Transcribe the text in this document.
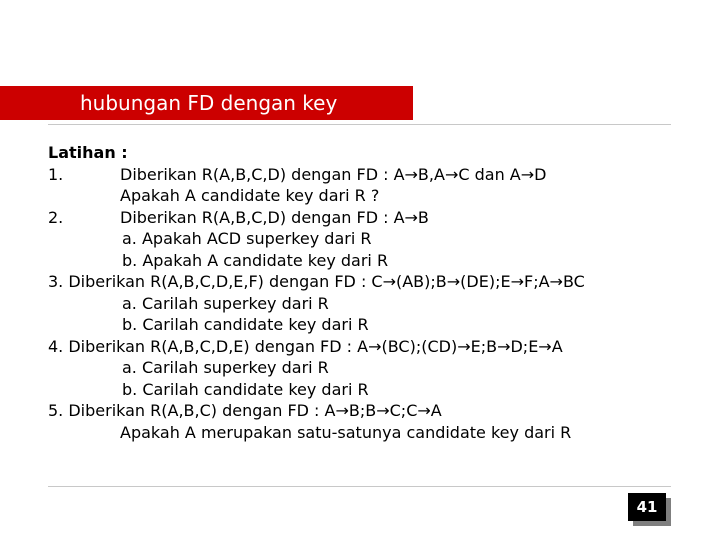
hubungan FD dengan key
Latihan :
1.	Diberikan R(A,B,C,D) dengan FD : A→B,A→C dan A→D
Apakah A candidate key dari R ?
2.	Diberikan R(A,B,C,D) dengan FD : A→B
a. Apakah ACD superkey dari R
b. Apakah A candidate key dari R
3. Diberikan R(A,B,C,D,E,F) dengan FD : C→(AB);B→(DE);E→F;A→BC
a. Carilah superkey dari R
b. Carilah candidate key dari R
4. Diberikan R(A,B,C,D,E) dengan FD : A→(BC);(CD)→E;B→D;E→A
a. Carilah superkey dari R
b. Carilah candidate key dari R
5. Diberikan R(A,B,C) dengan FD : A→B;B→C;C→A
Apakah A merupakan satu-satunya candidate key dari R
41
